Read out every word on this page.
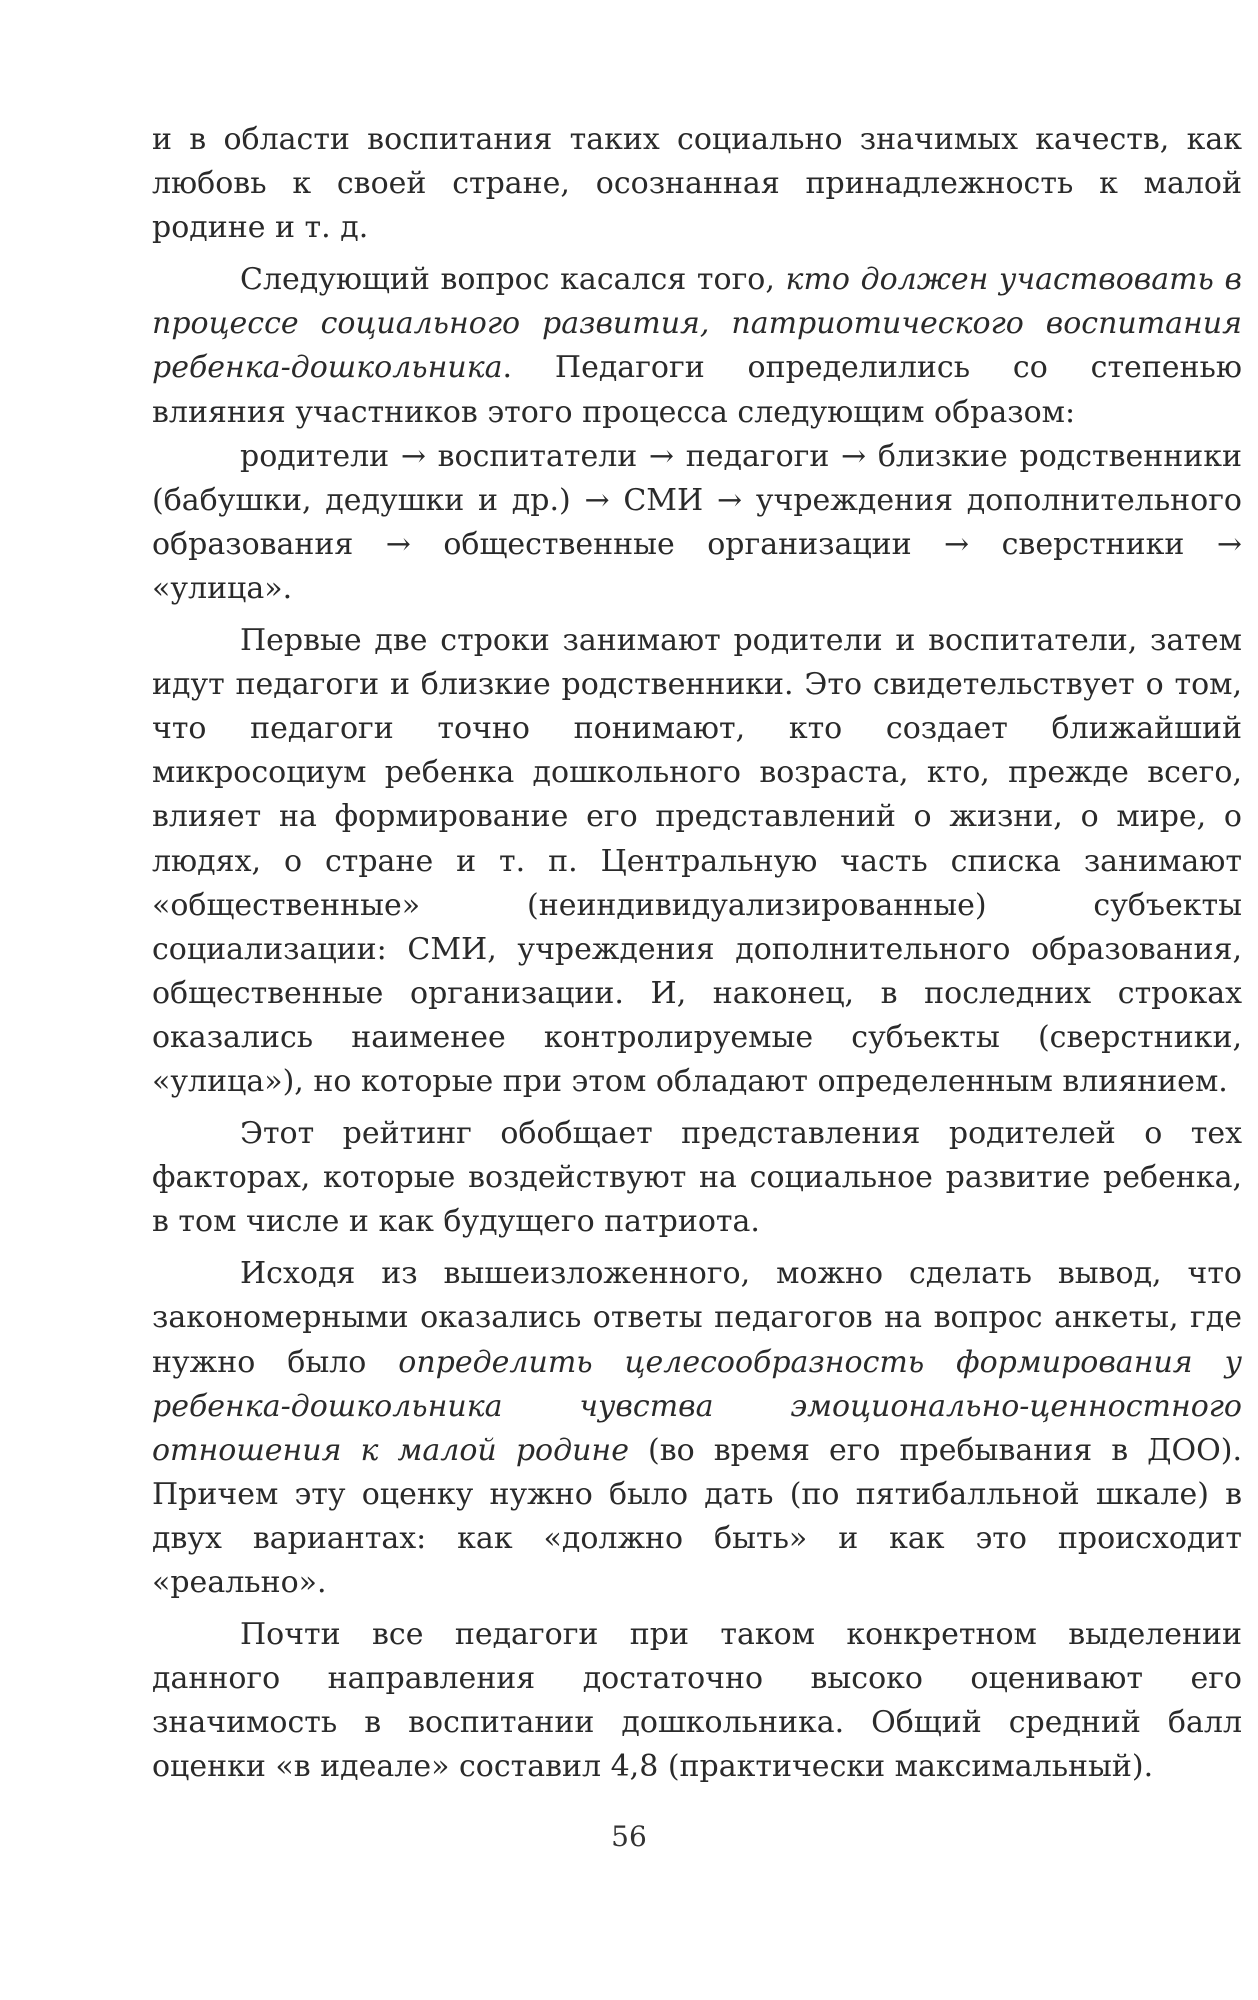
и в области воспитания таких социально значимых качеств, как любовь к своей стране, осознанная принадлежность к малой родине и т. д.

Следующий вопрос касался того, кто должен участвовать в процессе социального развития, патриотического воспитания ребенка-дошкольника. Педагоги определились со степенью влияния участников этого процесса следующим образом:

родители → воспитатели → педагоги → близкие родственники (бабушки, дедушки и др.) → СМИ → учреждения дополнительного образования → общественные организации → сверстники → «улица».

Первые две строки занимают родители и воспитатели, затем идут педагоги и близкие родственники. Это свидетельствует о том, что педагоги точно понимают, кто создает ближайший микросоциум ребенка дошкольного возраста, кто, прежде всего, влияет на формирование его представлений о жизни, о мире, о людях, о стране и т. п. Центральную часть списка занимают «общественные» (неиндивидуализированные) субъекты социализации: СМИ, учреждения дополнительного образования, общественные организации. И, наконец, в последних строках оказались наименее контролируемые субъекты (сверстники, «улица»), но которые при этом обладают определенным влиянием.

Этот рейтинг обобщает представления родителей о тех факторах, которые воздействуют на социальное развитие ребенка, в том числе и как будущего патриота.

Исходя из вышеизложенного, можно сделать вывод, что закономерными оказались ответы педагогов на вопрос анкеты, где нужно было определить целесообразность формирования у ребенка-дошкольника чувства эмоционально-ценностного отношения к малой родине (во время его пребывания в ДОО). Причем эту оценку нужно было дать (по пятибалльной шкале) в двух вариантах: как «должно быть» и как это происходит «реально».

Почти все педагоги при таком конкретном выделении данного направления достаточно высоко оценивают его значимость в воспитании дошкольника. Общий средний балл оценки «в идеале» составил 4,8 (практически максимальный).

56
